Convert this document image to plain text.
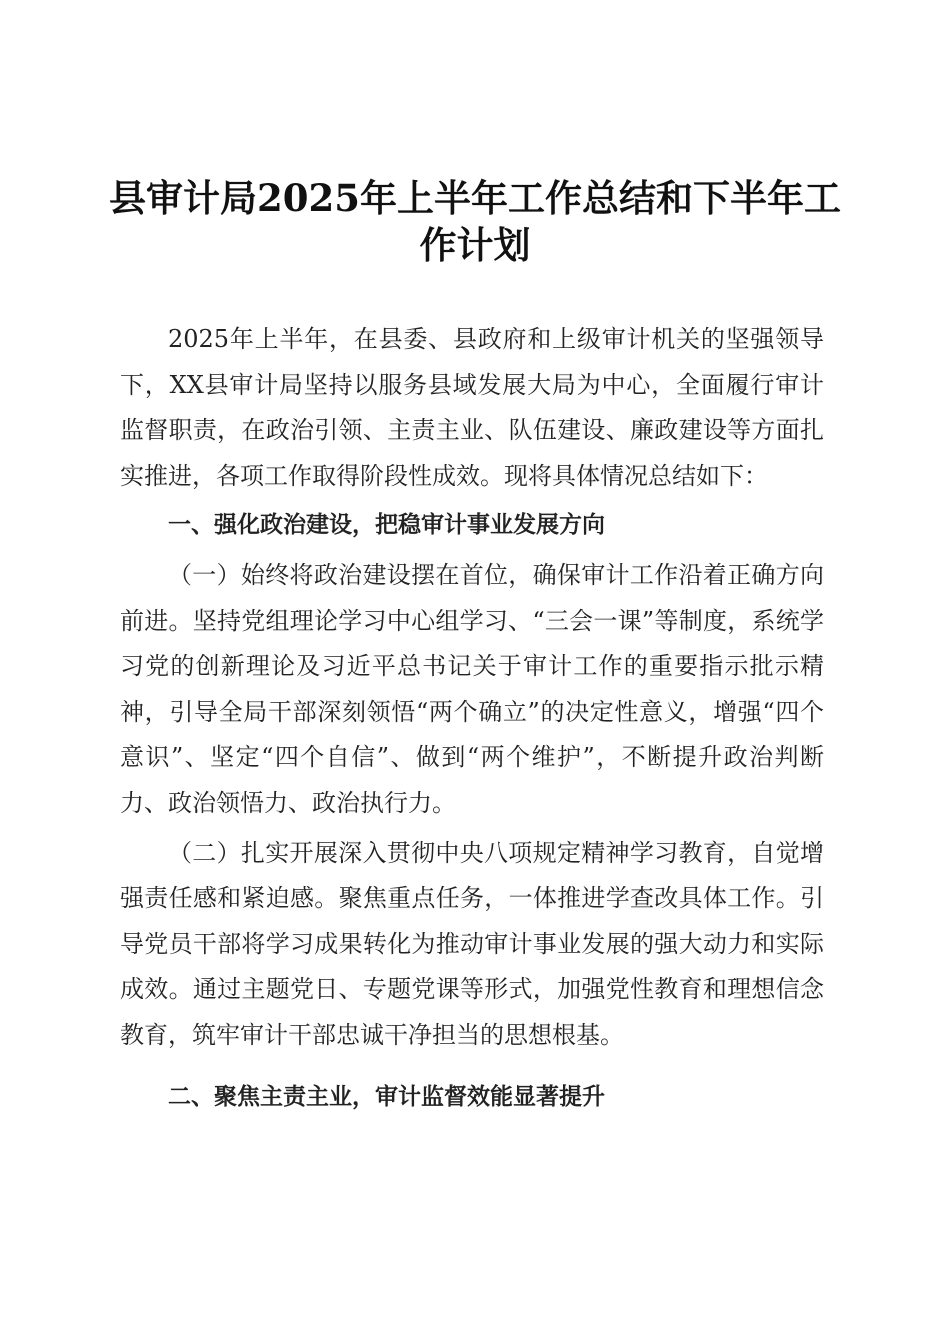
县审计局2025年上半年工作总结和下半年工作计划

2025年上半年，在县委、县政府和上级审计机关的坚强领导下，XX县审计局坚持以服务县域发展大局为中心，全面履行审计监督职责，在政治引领、主责主业、队伍建设、廉政建设等方面扎实推进，各项工作取得阶段性成效。现将具体情况总结如下：

一、强化政治建设，把稳审计事业发展方向

（一）始终将政治建设摆在首位，确保审计工作沿着正确方向前进。坚持党组理论学习中心组学习、“三会一课”等制度，系统学习党的创新理论及习近平总书记关于审计工作的重要指示批示精神，引导全局干部深刻领悟“两个确立”的决定性意义，增强“四个意识”、坚定“四个自信”、做到“两个维护”，不断提升政治判断力、政治领悟力、政治执行力。

（二）扎实开展深入贯彻中央八项规定精神学习教育，自觉增强责任感和紧迫感。聚焦重点任务，一体推进学查改具体工作。引导党员干部将学习成果转化为推动审计事业发展的强大动力和实际成效。通过主题党日、专题党课等形式，加强党性教育和理想信念教育，筑牢审计干部忠诚干净担当的思想根基。

二、聚焦主责主业，审计监督效能显著提升
